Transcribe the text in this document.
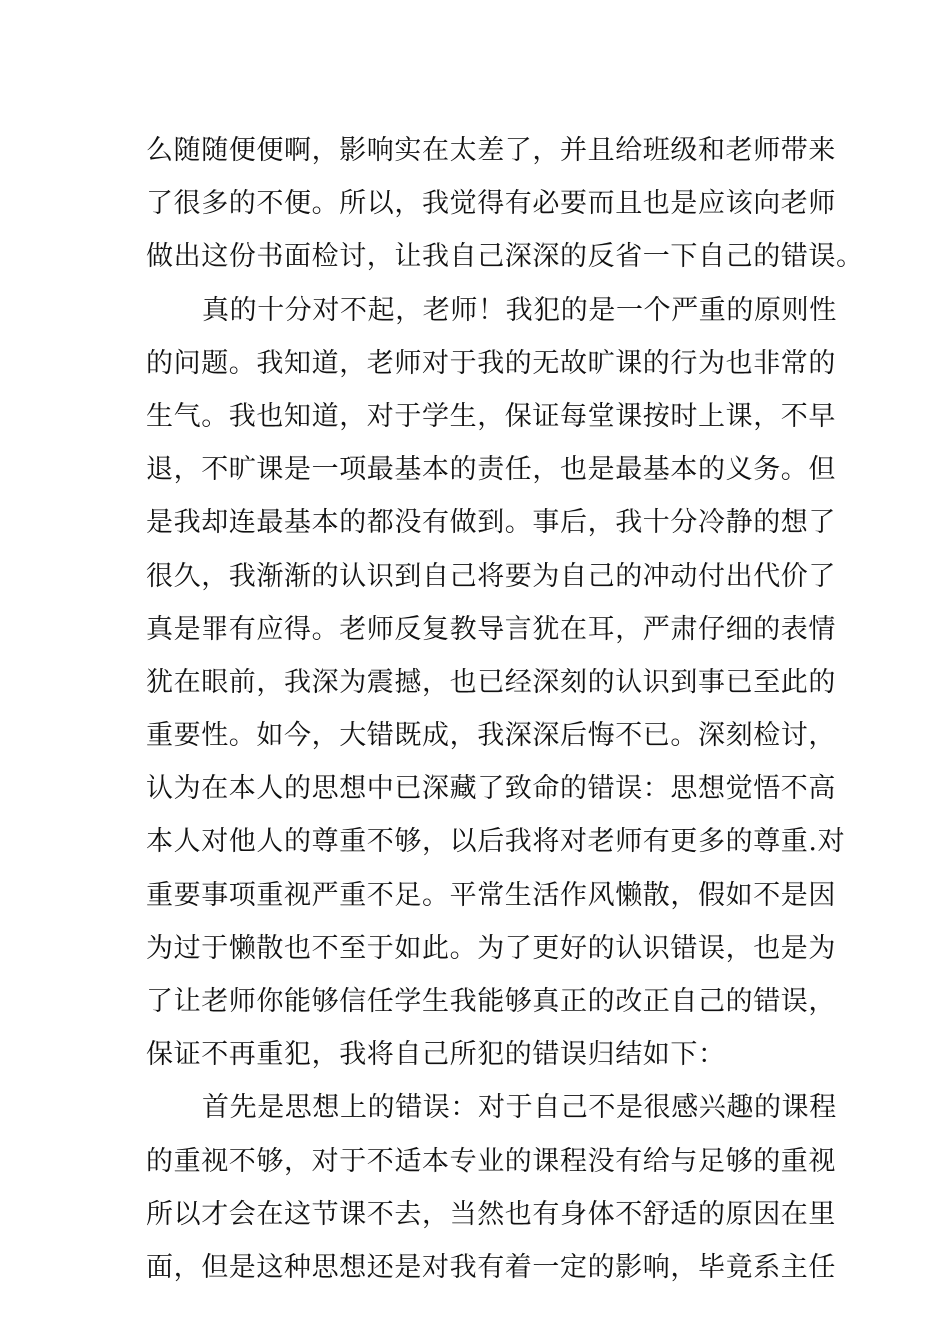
么随随便便啊，影响实在太差了，并且给班级和老师带来
了很多的不便。所以，我觉得有必要而且也是应该向老师
做出这份书面检讨，让我自己深深的反省一下自己的错误。
真的十分对不起，老师！我犯的是一个严重的原则性
的问题。我知道，老师对于我的无故旷课的行为也非常的
生气。我也知道，对于学生，保证每堂课按时上课，不早
退，不旷课是一项最基本的责任，也是最基本的义务。但
是我却连最基本的都没有做到。事后，我十分冷静的想了
很久，我渐渐的认识到自己将要为自己的冲动付出代价了
真是罪有应得。老师反复教导言犹在耳，严肃仔细的表情
犹在眼前，我深为震撼，也已经深刻的认识到事已至此的
重要性。如今，大错既成，我深深后悔不已。深刻检讨，
认为在本人的思想中已深藏了致命的错误：思想觉悟不高
本人对他人的尊重不够，以后我将对老师有更多的尊重.对
重要事项重视严重不足。平常生活作风懒散，假如不是因
为过于懒散也不至于如此。为了更好的认识错误，也是为
了让老师你能够信任学生我能够真正的改正自己的错误，
保证不再重犯，我将自己所犯的错误归结如下：
首先是思想上的错误：对于自己不是很感兴趣的课程
的重视不够，对于不适本专业的课程没有给与足够的重视
所以才会在这节课不去，当然也有身体不舒适的原因在里
面，但是这种思想还是对我有着一定的影响，毕竟系主任
